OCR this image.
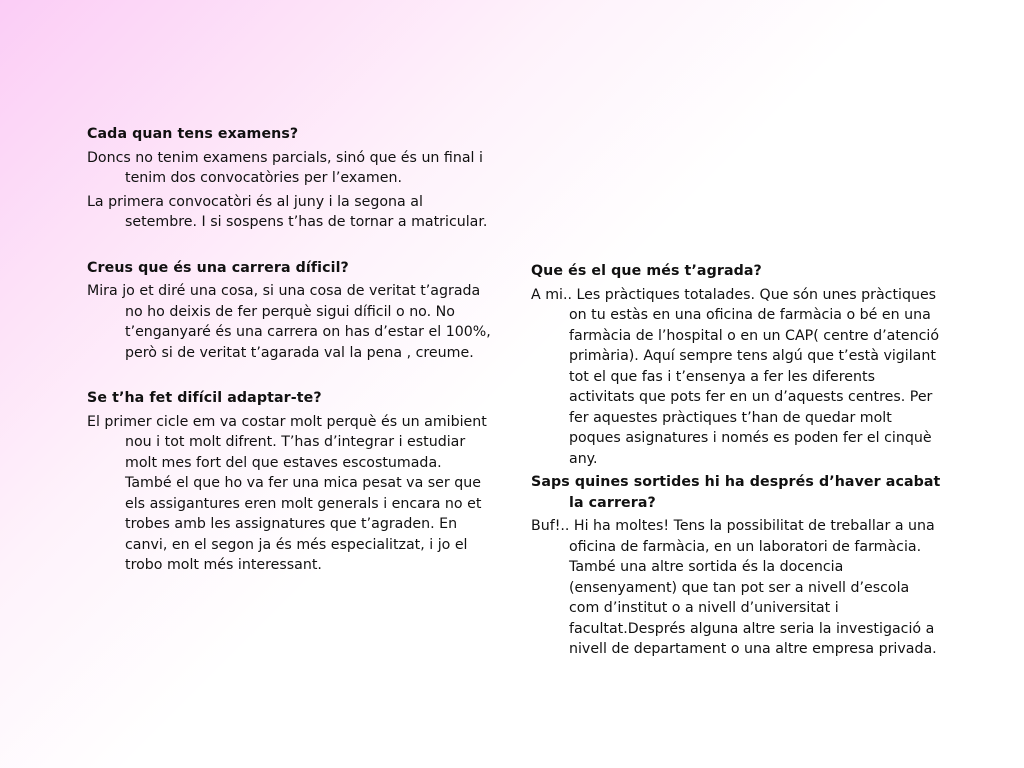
Cada quan tens examens?

Doncs no tenim examens parcials, sinó que és un final i tenim dos convocatòries per l’examen.

La primera convocatòri és al juny i la segona al setembre. I si sospens t’has de tornar a matricular.

Creus que és una carrera díficil?

Mira jo et diré una cosa, si una cosa de veritat t’agrada no ho deixis de fer perquè sigui díficil o no. No t’enganyaré és una carrera on has d’estar el 100%, però si de veritat t’agarada val la pena , creume.

Se t’ha fet difícil adaptar-te?

El primer cicle em va costar molt perquè és un amibient nou i tot molt difrent. T’has d’integrar i estudiar molt mes fort del que estaves escostumada. També el que ho va fer una mica pesat va ser que els assigantures eren molt generals i encara no et trobes amb les assignatures que t’agraden. En canvi, en el segon ja és més especialitzat, i jo el trobo molt més interessant.

Que és el que més t’agrada?

A mi.. Les pràctiques totalades. Que són unes pràctiques on tu estàs en una oficina de farmàcia o bé en una farmàcia de l’hospital o en un CAP( centre d’atenció primària). Aquí sempre tens algú que t’està vigilant tot el que fas i t’ensenya a fer les diferents activitats que pots fer en un d’aquests centres. Per fer aquestes pràctiques t’han de quedar molt poques asignatures i només es poden fer el cinquè any.

Saps quines sortides hi ha després d’haver acabat la carrera?

Buf!.. Hi ha moltes! Tens la possibilitat de treballar a una oficina de farmàcia, en un laboratori de farmàcia. També una altre sortida és la docencia (ensenyament) que tan pot ser a nivell d’escola com d’institut o a nivell d’universitat i facultat.Després alguna altre seria la investigació a nivell de departament o una altre empresa privada.
